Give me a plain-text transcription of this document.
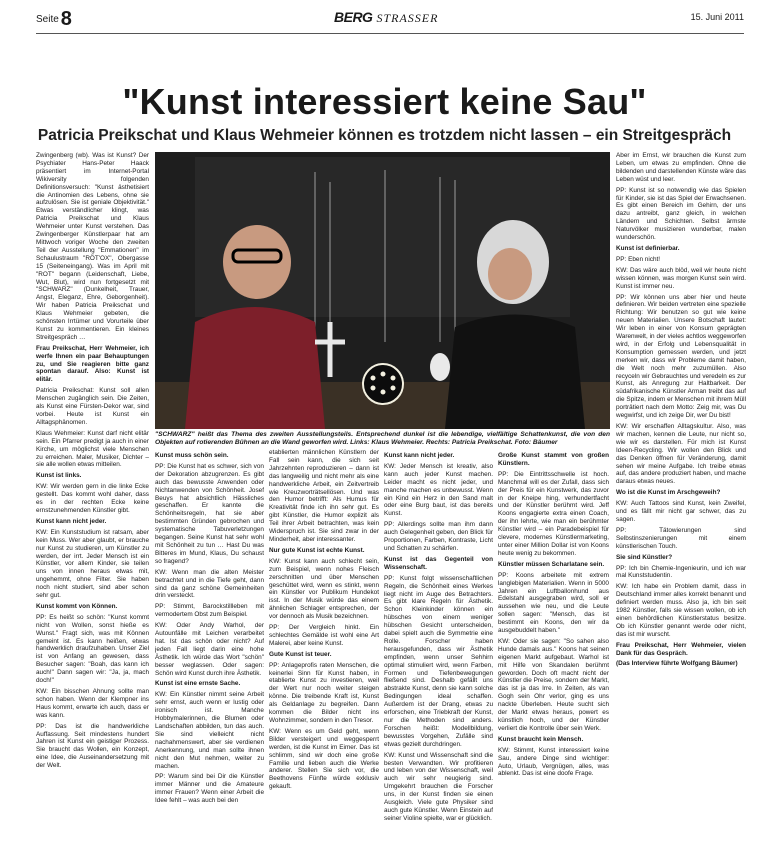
Seite 8	BERG STRASSER	15. Juni 2011
"Kunst interessiert keine Sau"
Patricia Preikschat und Klaus Wehmeier können es trotzdem nicht lassen – ein Streitgespräch

Zwingenberg (wb). Was ist Kunst? Der Psychiater Hans-Peter Haack präsentiert im Internet-Portal Wikiversity folgenden Definitionsversuch: "Kunst ästhetisiert die Antinomien des Lebens, ohne sie aufzulösen. Sie ist geniale Objektivität." Etwas verständlicher klingt, was Patricia Preikschat und Klaus Wehmeier unter Kunst verstehen. Das Zwingenberger Künstlerpaar hat am Mittwoch voriger Woche den zweiten Teil der Ausstellung "Emmationen" im Schaulustraum "RÖT'OX", Obergasse 15 (Seiteneingang). Was im April mit "ROT" begann (Leidenschaft, Liebe, Wut, Blut), wird nun fortgesetzt mit "SCHWARZ" (Dunkelheit, Trauer, Angst, Eleganz, Ehre, Geborgenheit). Wir haben Patricia Preikschat und Klaus Wehmeier gebeten, die schönsten Irrtümer und Vorurteile über Kunst zu kommentieren. Ein kleines Streitgespräch …

Frau Preikschat, Herr Wehmeier, ich werfe Ihnen ein paar Behauptungen zu, und Sie reagieren bitte ganz spontan darauf. Also: Kunst ist elitär.

Patricia Preikschat: Kunst soll allen Menschen zugänglich sein. Die Zeiten, als Kunst eine Fürsten-Dekor war, sind vorbei. Heute ist Kunst ein Alltagsphänomen.

Klaus Wehmeier: Kunst darf nicht elitär sein. Ein Pfarrer predigt ja auch in einer Kirche, um möglichst viele Menschen zu erreichen. Maler, Musiker, Dichter – sie alle wollen etwas mitteilen.

Kunst ist links.

KW: Wir werden gern in die linke Ecke gestellt. Das kommt wohl daher, dass es in der rechten Ecke keine ernstzunehmenden Künstler gibt.

Kunst kann nicht jeder.

KW: Ein Kunststudium ist ratsam, aber kein Muss. Wer aber glaubt, er brauche nur Kunst zu studieren, um Künstler zu werden, der irrt. Jeder Mensch ist ein Künstler, vor allem Kinder, sie teilen uns von innen heraus etwas mit, ungehemmt, ohne Filter. Sie haben noch nicht studiert, sind aber schon sehr gut.

Kunst kommt von Können.

PP: Es heißt so schön: "Kunst kommt nicht von Wollen, sonst hieße es Wunst." Fragt sich, was mit Können gemeint ist. Es kann heißen, etwas handwerklich draufzuhaben. Unser Ziel ist von Anfang an gewesen, dass Besucher sagen: "Boah, das kann ich auch!" Dann sagen wir: "Ja, ja, mach doch!"

KW: Ein bisschen Ahnung sollte man schon haben. Wenn der Klempner ins Haus kommt, erwarte ich auch, dass er was kann.

PP: Das ist die handwerkliche Auffassung. Seit mindestens hundert Jahren ist Kunst ein geistiger Prozess. Sie braucht das Wollen, ein Konzept, eine Idee, die Auseinandersetzung mit der Welt.

"SCHWARZ" heißt das Thema des zweiten Ausstellungsteils. Entsprechend dunkel ist die lebendige, vielfältige Schattenkunst, die von den Objekten auf rotierenden Bühnen an die Wand geworfen wird. Links: Klaus Wehmeier. Rechts: Patricia Preikschat. Foto: Bäumer

Kunst muss schön sein.

PP: Die Kunst hat es schwer, sich von der Dekoration abzugrenzen. Es gibt auch das bewusste Anwenden oder Nichtanwenden von Schönheit. Josef Beuys hat absichtlich Hässliches geschaffen. Er kannte die Schönheitsregeln, hat sie aber bestimmten Gründen gebrochen und systematische Tabuverletzungen begangen. Seine Kunst hat sehr wohl mit Schönheit zu tun … Hast Du was Bitteres im Mund, Klaus, Du schaust so fragend?

KW: Wenn man die alten Meister betrachtet und in die Tiefe geht, dann sind da ganz schöne Gemeinheiten drin versteckt.

PP: Stimmt, Barockstillleben mit vermodertem Obst zum Beispiel.

KW: Oder Andy Warhol, der Autounfälle mit Leichen verarbeitet hat. Ist das schön oder nicht? Auf jeden Fall liegt darin eine hohe Ästhetik. Ich würde das Wort "schön" besser weglassen. Oder sagen: Schön wird Kunst durch ihre Ästhetik.

Kunst ist eine ernste Sache.

KW: Ein Künstler nimmt seine Arbeit sehr ernst, auch wenn er lustig oder ironisch ist. Manche Hobbymalerinnen, die Blumen oder Landschaften abbilden, tun das auch. Sie sind vielleicht nicht nachahmenswert, aber sie verdienen Anerkennung, und man sollte ihnen nicht den Mut nehmen, weiter zu machen.

PP: Warum sind bei Dir die Künstler immer Männer und die Amateure immer Frauen? Wenn einer Arbeit die Idee fehlt – was auch bei den

etablierten männlichen Künstlern der Fall sein kann, die sich seit Jahrzehnten reproduzieren – dann ist das langweilig und nicht mehr als eine handwerkliche Arbeit, ein Zeitvertreib wie Kreuzworträtsellösen. Und was den Humor betrifft: Als Humus für Kreativität finde ich ihn sehr gut. Es gibt Künstler, die Humor explizit als Teil ihrer Arbeit betrachten, was kein Widerspruch ist. Sie sind zwar in der Minderheit, aber interessanter.

Nur gute Kunst ist echte Kunst.

KW: Kunst kann auch schlecht sein, zum Beispiel, wenn nohes Fleisch zerschnitten und über Menschen geschüttet wird, wenn es stinkt, wenn ein Künstler vor Publikum Hundekot isst. In der Musik würde das einem ähnlichen Schlager entsprechen, der vor dennoch als Musik bezeichnen.

PP: Der Vergleich hinkt. Ein schlechtes Gemälde ist wohl eine Art Malerei, aber keine Kunst.

Gute Kunst ist teuer.

PP: Anlageprofis raten Menschen, die keinerlei Sinn für Kunst haben, in etablierte Kunst zu investieren, weil der Wert nur noch weiter steigen könne. Die treibende Kraft ist, Kunst als Geldanlage zu begreifen. Dann kommen die Bilder nicht ins Wohnzimmer, sondern in den Tresor.

KW: Wenn es um Geld geht, wenn Bilder versteigert und weggesperrt werden, ist die Kunst im Eimer. Das ist schlimm, sind wir doch eine große Familie und lieben auch die Werke anderer. Stellen Sie sich vor, die Beethovens Fünfte würde exklusiv gekauft.

Kunst kann nicht jeder.

KW: Jeder Mensch ist kreativ, also kann auch jeder Kunst machen. Leider macht es nicht jeder, und manche machen es unbewusst. Wenn ein Kind ein Herz in den Sand malt oder eine Burg baut, ist das bereits Kunst.

PP: Allerdings sollte man ihm dann auch Gelegenheit geben, den Blick für Proportionen, Farben, Kontraste, Licht und Schatten zu schärfen.

Kunst ist das Gegenteil von Wissenschaft.

PP: Kunst folgt wissenschaftlichen Regeln, die Schönheit eines Werkes liegt nicht im Auge des Betrachters. Es gibt klare Regeln für Ästhetik. Schon Kleinkinder können ein hübsches von einem weniger hübschen Gesicht unterscheiden, dabei spielt auch die Symmetrie eine Rolle. Forscher haben herausgefunden, dass wir Ästhetik empfinden, wenn unser Sehhirn optimal stimuliert wird, wenn Farben, Formen und Tiefenbewegungen fließend sind. Deshalb gefällt uns abstrakte Kunst, denn sie kann solche Bedingungen ideal schaffen. Außerdem ist der Drang, etwas zu erforschen, eine Triebkraft der Kunst, nur die Methoden sind anders. Forschen heißt: Modellbildung, bewusstes Vorgehen, Zufälle sind etwas gezielt durchdringen.

KW: Kunst und Wissenschaft sind die besten Verwandten. Wir profitieren und leben von der Wissenschaft, weil auch wir sehr neugierig sind. Umgekehrt brauchen die Forscher uns, in der Kunst finden sie einen Ausgleich. Viele gute Physiker sind auch gute Künstler. Wenn Einstein auf seiner Violine spielte, war er glücklich.

Große Kunst stammt von großen Künstlern.

PP: Die Eintrittsschwelle ist hoch. Manchmal will es der Zufall, dass sich der Preis für ein Kunstwerk, das zuvor in der Kneipe hing, verhundertfacht und der Künstler berühmt wird. Jeff Koons engagierte extra einen Coach, der ihn lehrte, wie man ein berühmter Künstler wird – ein Paradebeispiel für clevere, modernes Künstlermarketing, unter einer Million Dollar ist von Koons heute wenig zu bekommen.

Künstler müssen Scharlatane sein.

PP: Koons arbeitete mit extrem langlebigen Materialien. Wenn in 5000 Jahren ein Luftballonhund aus Edelstahl ausgegraben wird, soll er aussehen wie neu, und die Leute sollen sagen: "Mensch, das ist bestimmt ein Koons, den wir da ausgebuddelt haben."

KW: Oder sie sagen: "So sahen also Hunde damals aus." Koons hat seinen eigenen Markt aufgebaut. Warhol ist mit Hilfe von Skandalen berühmt geworden. Doch oft macht nicht der Künstler die Preise, sondern der Markt, das ist ja das Irre. In Zeiten, als van Gogh sein Ohr verlor, ging es uns nackte Überleben. Heute sucht sich der Markt etwas heraus, powert es künstlich hoch, und der Künstler verliert die Kontrolle über sein Werk.

Kunst braucht kein Mensch.

KW: Stimmt, Kunst interessiert keine Sau, andere Dinge sind wichtiger: Auto, Urlaub, Vergnügen, alles, was ablenkt. Das ist eine doofe Frage.

Aber im Ernst, wir brauchen die Kunst zum Leben, um etwas zu empfinden. Ohne die bildenden und darstellenden Künste wäre das Leben wüst und leer.

PP: Kunst ist so notwendig wie das Spielen für Kinder, sie ist das Spiel der Erwachsenen. Es gibt einen Bereich im Gehirn, der uns dazu antreibt, ganz gleich, in welchen Ländern und Schichten. Selbst ärmste Naturvölker musizieren wunderbar, malen wunderschön.

Kunst ist definierbar.

PP: Eben nicht!

KW: Das wäre auch blöd, weil wir heute nicht wissen können, was morgen Kunst sein wird. Kunst ist immer neu.

PP: Wir können uns aber hier und heute definieren. Wir beiden vertreten eine spezielle Richtung: Wir benutzen so gut wie keine neuen Materialien. Unsere Botschaft lautet: Wir leben in einer von Konsum geprägten Warenwelt, in der vieles achtlos weggeworfen wird, in der Erfolg und Lebensqualität in Konsumption gemessen werden, und jetzt merken wir, dass wir Probleme damit haben, die Welt noch mehr zuzumüllen. Also recyceln wir Gebrauchtes und veredeln es zur Kunst, als Anregung zur Haltbarkeit. Der südafrikanische Künstler Arman treibt das auf die Spitze, indem er Menschen mit ihrem Müll porträtiert nach dem Motto: Zeig mir, was Du wegwirfst, und ich zeige Dir, wer Du bist!

KW: Wir erschaffen Alltagskultur. Also, was wir machen, kennen die Leute, nur nicht so, wie wir es darstellen. Für mich ist Kunst Ideen-Recycling. Wir wollen den Blick und das Denken öffnen für Veränderung, damit sehen wir meine Aufgabe. Ich treibe etwas auf, das andere produziert haben, und mache daraus etwas neues.

Wo ist die Kunst im Arschgeweih?

KW: Auch Tattoos sind Kunst, kein Zweifel, und es fällt mir nicht gar schwer, das zu sagen.

PP: Tätowierungen sind Selbstinszenierungen mit einem künstlerischen Touch.

Sie sind Künstler?

PP: Ich bin Chemie-Ingenieurin, und ich war mal Kunststudentin.

KW: Ich habe ein Problem damit, dass in Deutschland immer alles korrekt benannt und definiert werden muss. Also ja, ich bin seit 1982 Künstler, falls sie wissen wollen, ob ich einen behördlichen Künstlerstatus besitze. Ob ich Künstler genannt werde oder nicht, das ist mir wurscht.

Frau Preikschat, Herr Wehmeier, vielen Dank für das Gespräch.

(Das Interview führte Wolfgang Bäumer)
